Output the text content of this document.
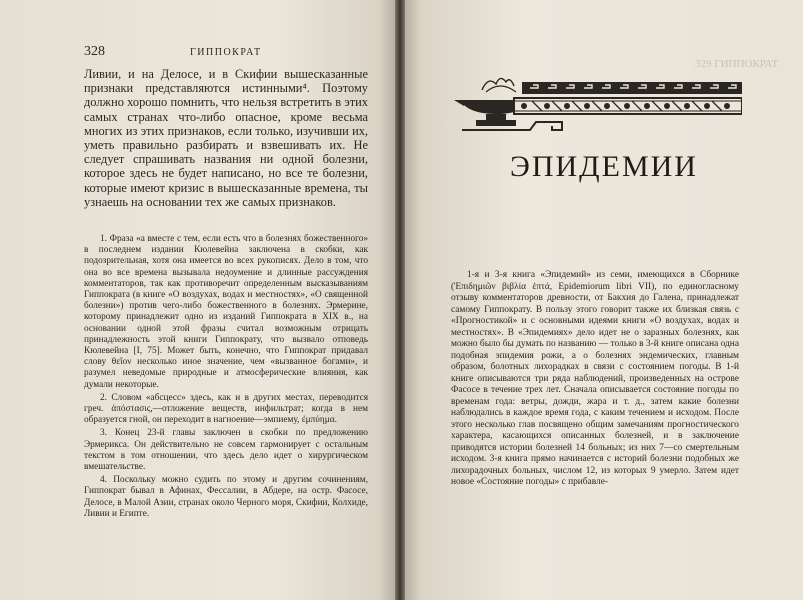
328	ГИППОКРАТ

Ливии, и на Делосе, и в Скифии вышесказанные признаки представляются истинными⁴. Поэтому должно хорошо помнить, что нельзя встретить в этих самых странах что-либо опасное, кроме весьма многих из этих признаков, если только, изучивши их, уметь правильно разбирать и взвешивать их. Не следует спрашивать названия ни одной болезни, которое здесь не будет написано, но все те болезни, которые имеют кризис в вышесказанные времена, ты узнаешь на основании тех же самых признаков.

1. Фраза «а вместе с тем, если есть что в болезнях божественного» в последнем издании Кюлевейна заключена в скобки, как подозрительная, хотя она имеется во всех рукописях. Дело в том, что она во все времена вызывала недоумение и длинные рассуждения комментаторов, так как противоречит определенным высказываниям Гиппократа (в книге «О воздухах, водах и местностях», «О священной болезни») против чего-либо божественного в болезнях. Эрмерине, которому принадлежит одно из изданий Гиппократа в XIX в., на основании одной этой фразы считал возможным отрицать принадлежность этой книги Гиппократу, что вызвало отповедь Кюлевейна [I, 75]. Может быть, конечно, что Гиппократ придавал слову θεῖον несколько иное значение, чем «вызванное богами», и разумел неведомые природные и атмосферические влияния, как думали некоторые.

2. Словом «абсцесс» здесь, как и в других местах, переводится греч. ἀπόστασις,—отложение веществ, инфильтрат; когда в нем образуется гной, он переходит в нагноение—эмпиему, ἐμπύημα.

3. Конец 23-й главы заключен в скобки по предложению Эрмерикса. Он действительно не совсем гармонирует с остальным текстом в том отношении, что здесь дело идет о хирургическом вмешательстве.

4. Поскольку можно судить по этому и другим сочинениям, Гиппократ бывал в Афинах, Фессалии, в Абдере, на остр. Фасосе, Делосе, в Малой Азии, странах около Черного моря, Скифии, Колхиде, Ливии и Египте.

329 ГИППОКРАТ
ЭПИДЕМИИ

1-я и 3-я книга «Эпидемий» из семи, имеющихся в Сборнике (Ἐπιδημιῶν βιβλία ἑπτά, Epidemiorum libri VII), по единогласному отзыву комментаторов древности, от Бакхия до Галена, принадлежат самому Гиппократу. В пользу этого говорит также их близкая связь с «Прогностикой» и с основными идеями книги «О воздухах, водах и местностях». В «Эпидемиях» дело идет не о заразных болезнях, как можно было бы думать по названию — только в 3-й книге описана одна подобная эпидемия рожи, а о болезнях эндемических, главным образом, болотных лихорадках в связи с состоянием погоды. В 1-й книге описываются три ряда наблюдений, произведенных на острове Фасосе в течение трех лет. Сначала описывается состояние погоды по временам года: ветры, дожди, жара и т. д., затем какие болезни наблюдались в каждое время года, с каким течением и исходом. После этого несколько глав посвящено общим замечаниям прогностического характера, касающихся описанных болезней, и в заключение приводятся истории болезней 14 больных; из них 7—со смертельным исходом. 3-я книга прямо начинается с историй болезни подобных же лихорадочных больных, числом 12, из которых 9 умерло. Затем идет новое «Состояние погоды» с прибавле-
